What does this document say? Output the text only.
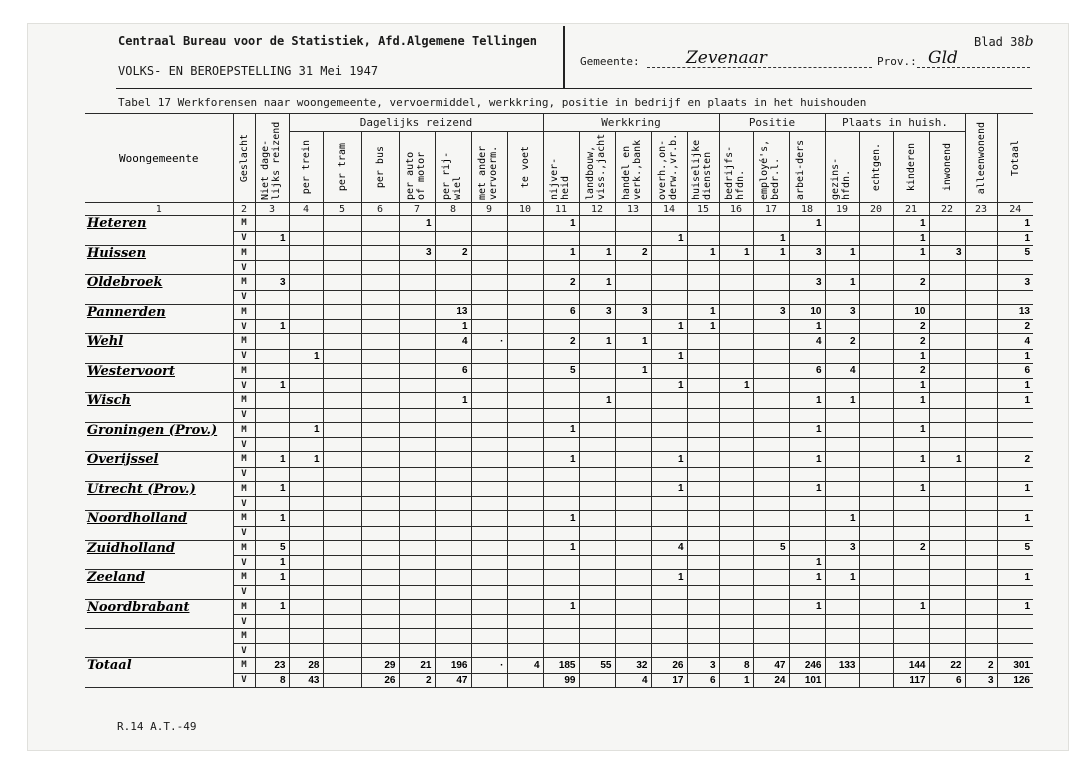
Centraal Bureau voor de Statistiek, Afd.Algemene Tellingen
VOLKS- EN BEROEPSTELLING 31 Mei 1947
Gemeente:	Zevenaar	Prov.: Gld
Blad 38b
Tabel 17 Werkforensen naar woongemeente, vervoermiddel, werkkring, positie in bedrijf en plaats in het huishouden
Woongemeente	Geslacht	Niet dage-lijks reizend	Dagelijks reizend							Werkkring					Positie			Plaats in huish.				alleenwonend	Totaal

			per trein	per tram	per bus	per auto of motor	per rij-wiel	met ander vervoerm.	te voet	nijver-heid	landbouw, viss.,jacht	handel en verk.,bank	overh.,on-derw.,vr.b.	huiselijke diensten	bedrijfs-hfdn.	employé's, bedr.l.	arbei-ders	gezins-hfdn.	echtgen.	kinderen	inwonend		

1	2	3	4	5	6	7	8	9	10	11	12	13	14	15	16	17	18	19	20	21	22	23	24
Heteren	M					1				1							1			1			1
	V	1											1			1				1			1
Huissen	M					3	2			1	1	2		1	1	1	3	1		1	3		5
	V																						
Oldebroek	M	3								2	1						3	1		2			3
	V																						
Pannerden	M						13			6	3	3		1		3	10	3		10			13
	V	1					1						1	1			1			2			2
Wehl	M						4	·		2	1	1					4	2		2			4
	V		1										1							1			1
Westervoort	M						6			5		1					6	4		2			6
	V	1											1		1					1			1
Wisch	M						1				1						1	1		1			1
	V																						
Groningen (Prov.)	M		1							1							1			1			
	V																						
Overijssel	M	1	1							1			1				1			1	1		2
	V																						
Utrecht (Prov.)	M	1											1				1			1			1
	V																						
Noordholland	M	1								1								1					1
	V																						
Zuidholland	M	5								1			4			5		3		2			5
	V	1															1						
Zeeland	M	1											1				1	1					1
	V																						
Noordbrabant	M	1								1							1			1			1
	V																						
	M																						
	V																						
Totaal	M	23	28		29	21	196	·	4	185	55	32	26	3	8	47	246	133		144	22	2	301
	V	8	43		26	2	47			99		4	17	6	1	24	101			117	6	3	126
R.14 A.T.-49
